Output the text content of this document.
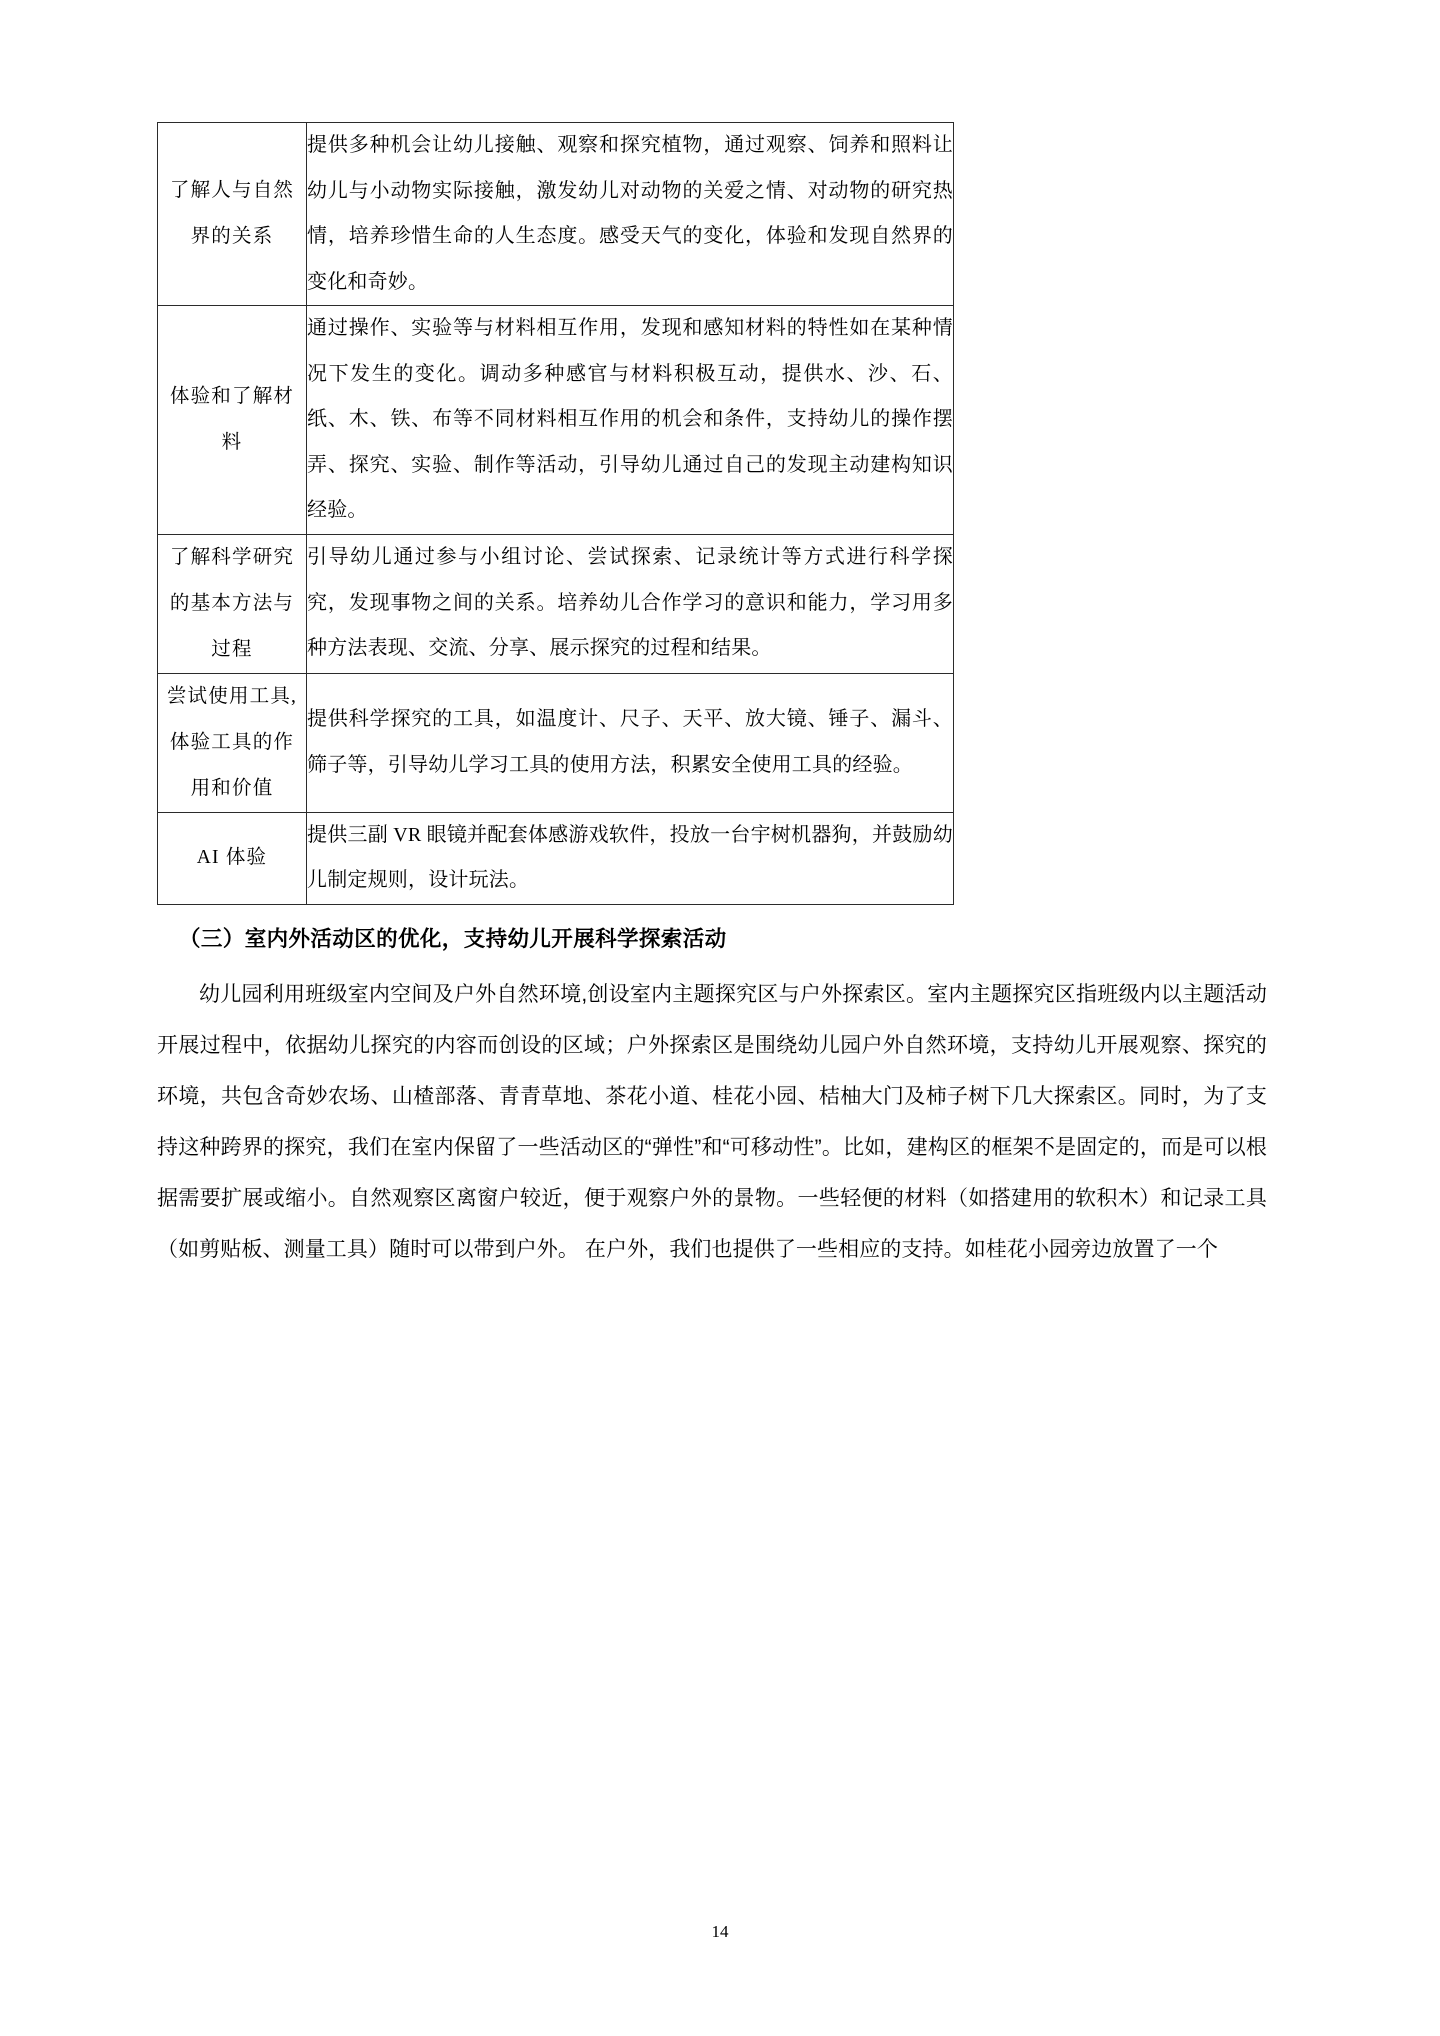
了解人与自然界的关系	提供多种机会让幼儿接触、观察和探究植物，通过观察、饲养和照料让幼儿与小动物实际接触，激发幼儿对动物的关爱之情、对动物的研究热情，培养珍惜生命的人生态度。感受天气的变化，体验和发现自然界的变化和奇妙。

体验和了解材料	通过操作、实验等与材料相互作用，发现和感知材料的特性如在某种情况下发生的变化。调动多种感官与材料积极互动，提供水、沙、石、纸、木、铁、布等不同材料相互作用的机会和条件，支持幼儿的操作摆弄、探究、实验、制作等活动，引导幼儿通过自己的发现主动建构知识经验。

了解科学研究的基本方法与过程	引导幼儿通过参与小组讨论、尝试探索、记录统计等方式进行科学探究，发现事物之间的关系。培养幼儿合作学习的意识和能力，学习用多种方法表现、交流、分享、展示探究的过程和结果。

尝试使用工具,体验工具的作用和价值	提供科学探究的工具，如温度计、尺子、天平、放大镜、锤子、漏斗、筛子等，引导幼儿学习工具的使用方法，积累安全使用工具的经验。

AI 体验	提供三副 VR 眼镜并配套体感游戏软件，投放一台宇树机器狗，并鼓励幼儿制定规则，设计玩法。

（三）室内外活动区的优化，支持幼儿开展科学探索活动
幼儿园利用班级室内空间及户外自然环境,创设室内主题探究区与户外探索区。室内主题探究区指班级内以主题活动开展过程中，依据幼儿探究的内容而创设的区域；户外探索区是围绕幼儿园户外自然环境，支持幼儿开展观察、探究的环境，共包含奇妙农场、山楂部落、青青草地、茶花小道、桂花小园、桔柚大门及柿子树下几大探索区。同时，为了支持这种跨界的探究，我们在室内保留了一些活动区的“弹性”和“可移动性”。比如，建构区的框架不是固定的，而是可以根据需要扩展或缩小。自然观察区离窗户较近，便于观察户外的景物。一些轻便的材料（如搭建用的软积木）和记录工具（如剪贴板、测量工具）随时可以带到户外。 在户外，我们也提供了一些相应的支持。如桂花小园旁边放置了一个
14
